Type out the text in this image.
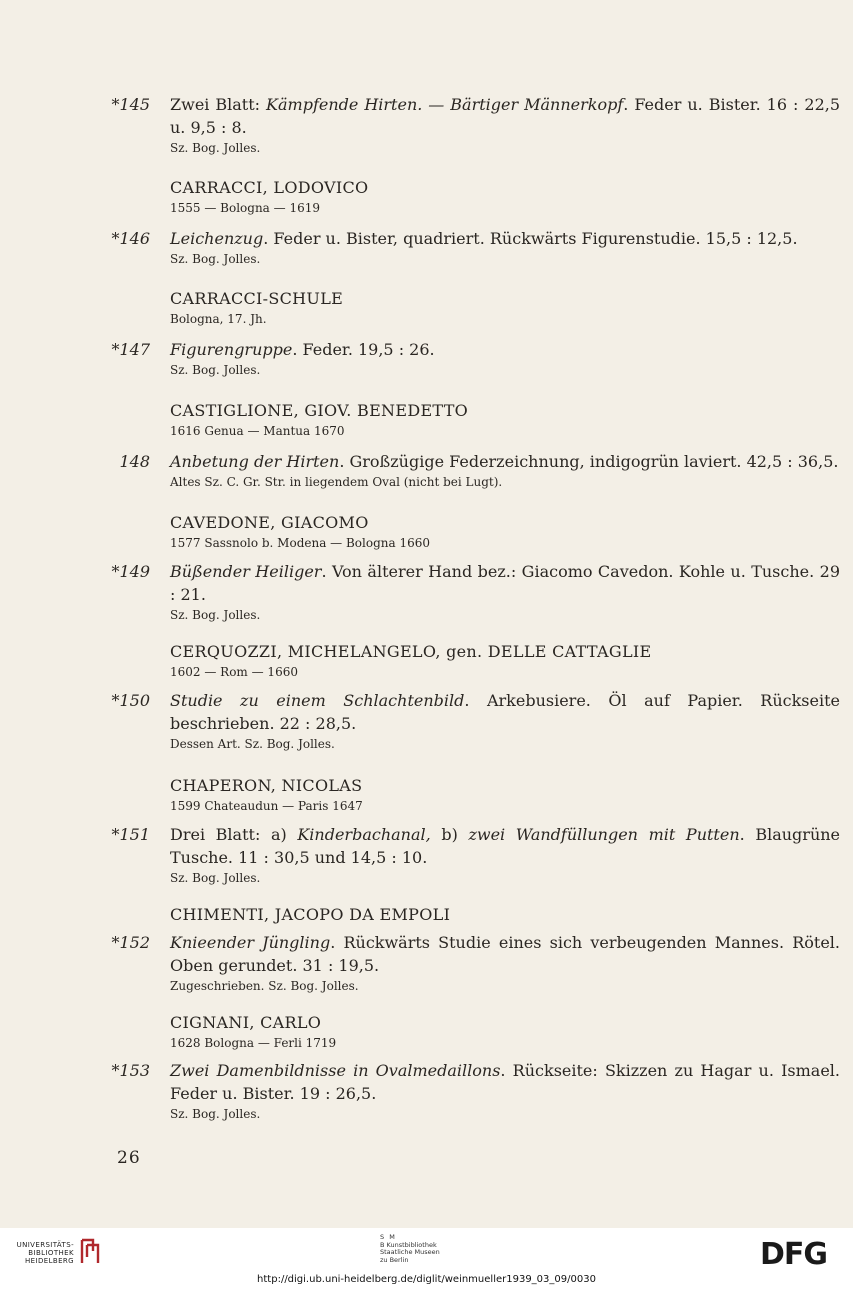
*145 Zwei Blatt: Kämpfende Hirten. — Bärtiger Männerkopf. Feder u. Bister. 16 : 22,5 u. 9,5 : 8.
Sz. Bog. Jolles.
CARRACCI, LODOVICO
1555 — Bologna — 1619
*146 Leichenzug. Feder u. Bister, quadriert. Rückwärts Figurenstudie. 15,5 : 12,5.
Sz. Bog. Jolles.
CARRACCI-SCHULE
Bologna, 17. Jh.
*147 Figurengruppe. Feder. 19,5 : 26.
Sz. Bog. Jolles.
CASTIGLIONE, GIOV. BENEDETTO
1616 Genua — Mantua 1670
148 Anbetung der Hirten. Großzügige Federzeichnung, indigogrün laviert. 42,5 : 36,5.
Altes Sz. C. Gr. Str. in liegendem Oval (nicht bei Lugt).
CAVEDONE, GIACOMO
1577 Sassnolo b. Modena — Bologna 1660
*149 Büßender Heiliger. Von älterer Hand bez.: Giacomo Cavedon. Kohle u. Tusche. 29 : 21.
Sz. Bog. Jolles.
CERQUOZZI, MICHELANGELO, gen. DELLE CATTAGLIE
1602 — Rom — 1660
*150 Studie zu einem Schlachtenbild. Arkebusiere. Öl auf Papier. Rückseite beschrieben. 22 : 28,5.
Dessen Art. Sz. Bog. Jolles.
CHAPERON, NICOLAS
1599 Chateaudun — Paris 1647
*151 Drei Blatt: a) Kinderbachanal, b) zwei Wandfüllungen mit Putten. Blaugrüne Tusche. 11 : 30,5 und 14,5 : 10.
Sz. Bog. Jolles.
CHIMENTI, JACOPO DA EMPOLI
*152 Knieender Jüngling. Rückwärts Studie eines sich verbeugenden Mannes. Rötel. Oben gerundet. 31 : 19,5.
Zugeschrieben. Sz. Bog. Jolles.
CIGNANI, CARLO
1628 Bologna — Ferli 1719
*153 Zwei Damenbildnisse in Ovalmedaillons. Rückseite: Skizzen zu Hagar u. Ismael. Feder u. Bister. 19 : 26,5.
Sz. Bog. Jolles.
26
UNIVERSITÄTS-
BIBLIOTHEK
HEIDELBERG
S M
B Kunstbibliothek
Staatliche Museen
zu Berlin	DFG
http://digi.ub.uni-heidelberg.de/diglit/weinmueller1939_03_09/0030
